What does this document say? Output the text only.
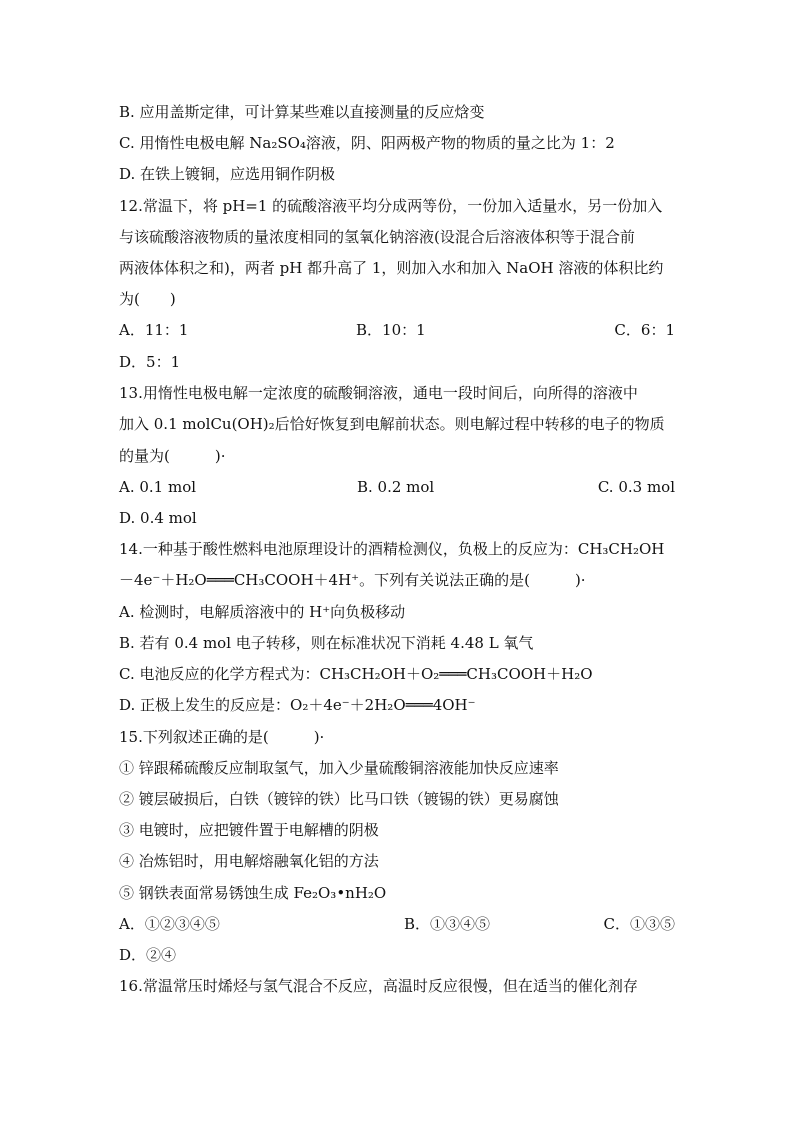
B. 应用盖斯定律，可计算某些难以直接测量的反应焓变
C. 用惰性电极电解 Na₂SO₄溶液，阴、阳两极产物的物质的量之比为 1：2
D. 在铁上镀铜，应选用铜作阴极
12.常温下，将 pH=1 的硫酸溶液平均分成两等份，一份加入适量水，另一份加入
与该硫酸溶液物质的量浓度相同的氢氧化钠溶液(设混合后溶液体积等于混合前
两液体体积之和)，两者 pH 都升高了 1，则加入水和加入 NaOH 溶液的体积比约
为(　　)
D．5：1
13.用惰性电极电解一定浓度的硫酸铜溶液，通电一段时间后，向所得的溶液中
加入 0.1 molCu(OH)₂后恰好恢复到电解前状态。则电解过程中转移的电子的物质
的量为(　　　)·
D. 0.4 mol
14.一种基于酸性燃料电池原理设计的酒精检测仪，负极上的反应为：CH₃CH₂OH
－4e⁻＋H₂O═══CH₃COOH＋4H⁺。下列有关说法正确的是(　　　)·
A. 检测时，电解质溶液中的 H⁺向负极移动
B. 若有 0.4 mol 电子转移，则在标准状况下消耗 4.48 L 氧气
C. 电池反应的化学方程式为：CH₃CH₂OH＋O₂═══CH₃COOH＋H₂O
D. 正极上发生的反应是：O₂＋4e⁻＋2H₂O═══4OH⁻
15.下列叙述正确的是(　　　)·
① 锌跟稀硫酸反应制取氢气，加入少量硫酸铜溶液能加快反应速率
② 镀层破损后，白铁（镀锌的铁）比马口铁（镀锡的铁）更易腐蚀
③ 电镀时，应把镀件置于电解槽的阴极
④ 冶炼铝时，用电解熔融氧化铝的方法
⑤ 钢铁表面常易锈蚀生成 Fe₂O₃•nH₂O
D．②④
16.常温常压时烯烃与氢气混合不反应，高温时反应很慢，但在适当的催化剂存
A．11：1	B．10：1	C．6：1
A. 0.1 mol	B. 0.2 mol	C. 0.3 mol
A．①②③④⑤	B．①③④⑤	C．①③⑤
